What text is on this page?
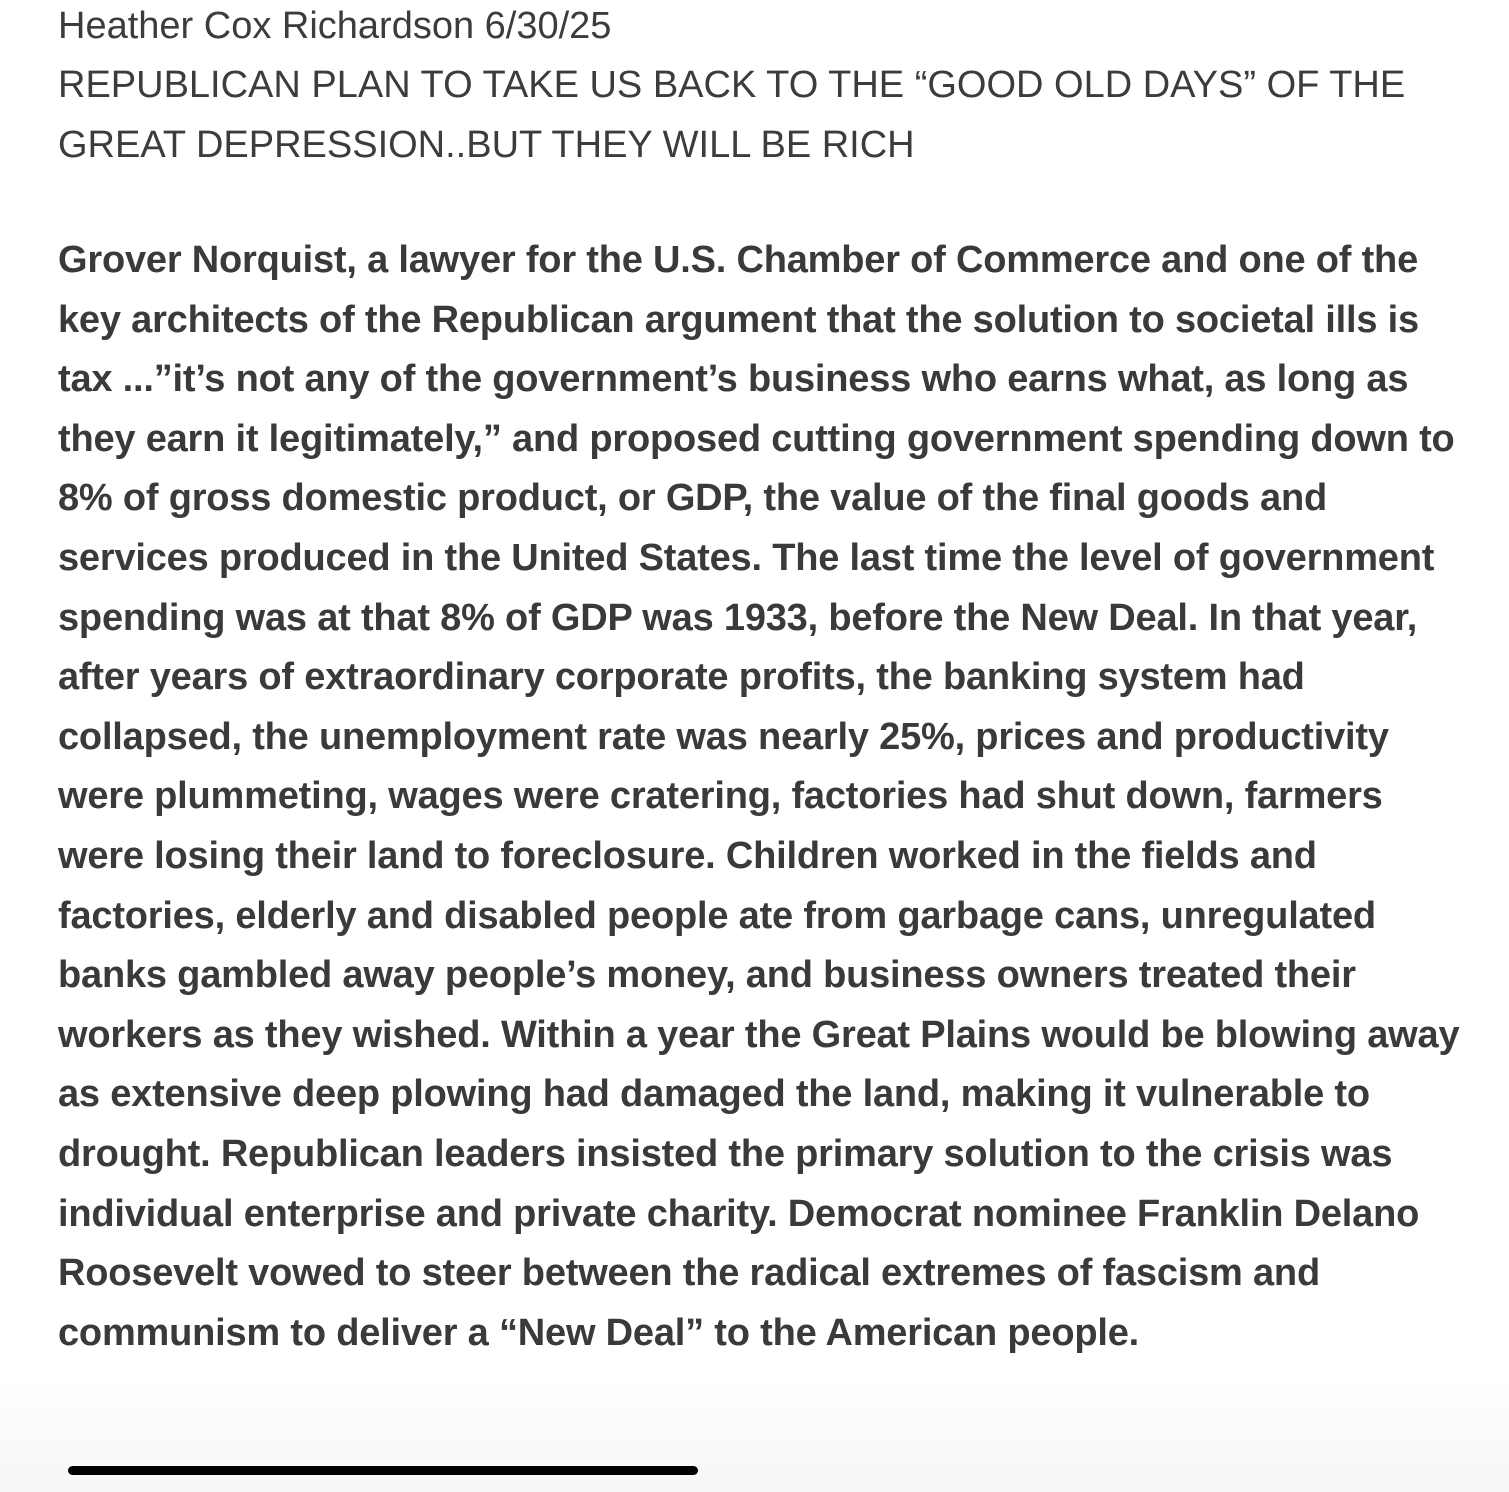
Heather Cox Richardson 6/30/25

REPUBLICAN PLAN TO TAKE US BACK TO THE “GOOD OLD DAYS” OF THE GREAT DEPRESSION..BUT THEY WILL BE RICH

Grover Norquist, a lawyer for the U.S. Chamber of Commerce and one of the key architects of the Republican argument that the solution to societal ills is tax ...”it’s not any of the government’s business who earns what, as long as they earn it legitimately,” and proposed cutting government spending down to 8% of gross domestic product, or GDP, the value of the final goods and services produced in the United States. The last time the level of government spending was at that 8% of GDP was 1933, before the New Deal. In that year, after years of extraordinary corporate profits, the banking system had collapsed, the unemployment rate was nearly 25%, prices and productivity were plummeting, wages were cratering, factories had shut down, farmers were losing their land to foreclosure. Children worked in the fields and factories, elderly and disabled people ate from garbage cans, unregulated banks gambled away people’s money, and business owners treated their workers as they wished. Within a year the Great Plains would be blowing away as extensive deep plowing had damaged the land, making it vulnerable to drought. Republican leaders insisted the primary solution to the crisis was individual enterprise and private charity. Democrat nominee Franklin Delano Roosevelt vowed to steer between the radical extremes of fascism and communism to deliver a “New Deal” to the American people.
